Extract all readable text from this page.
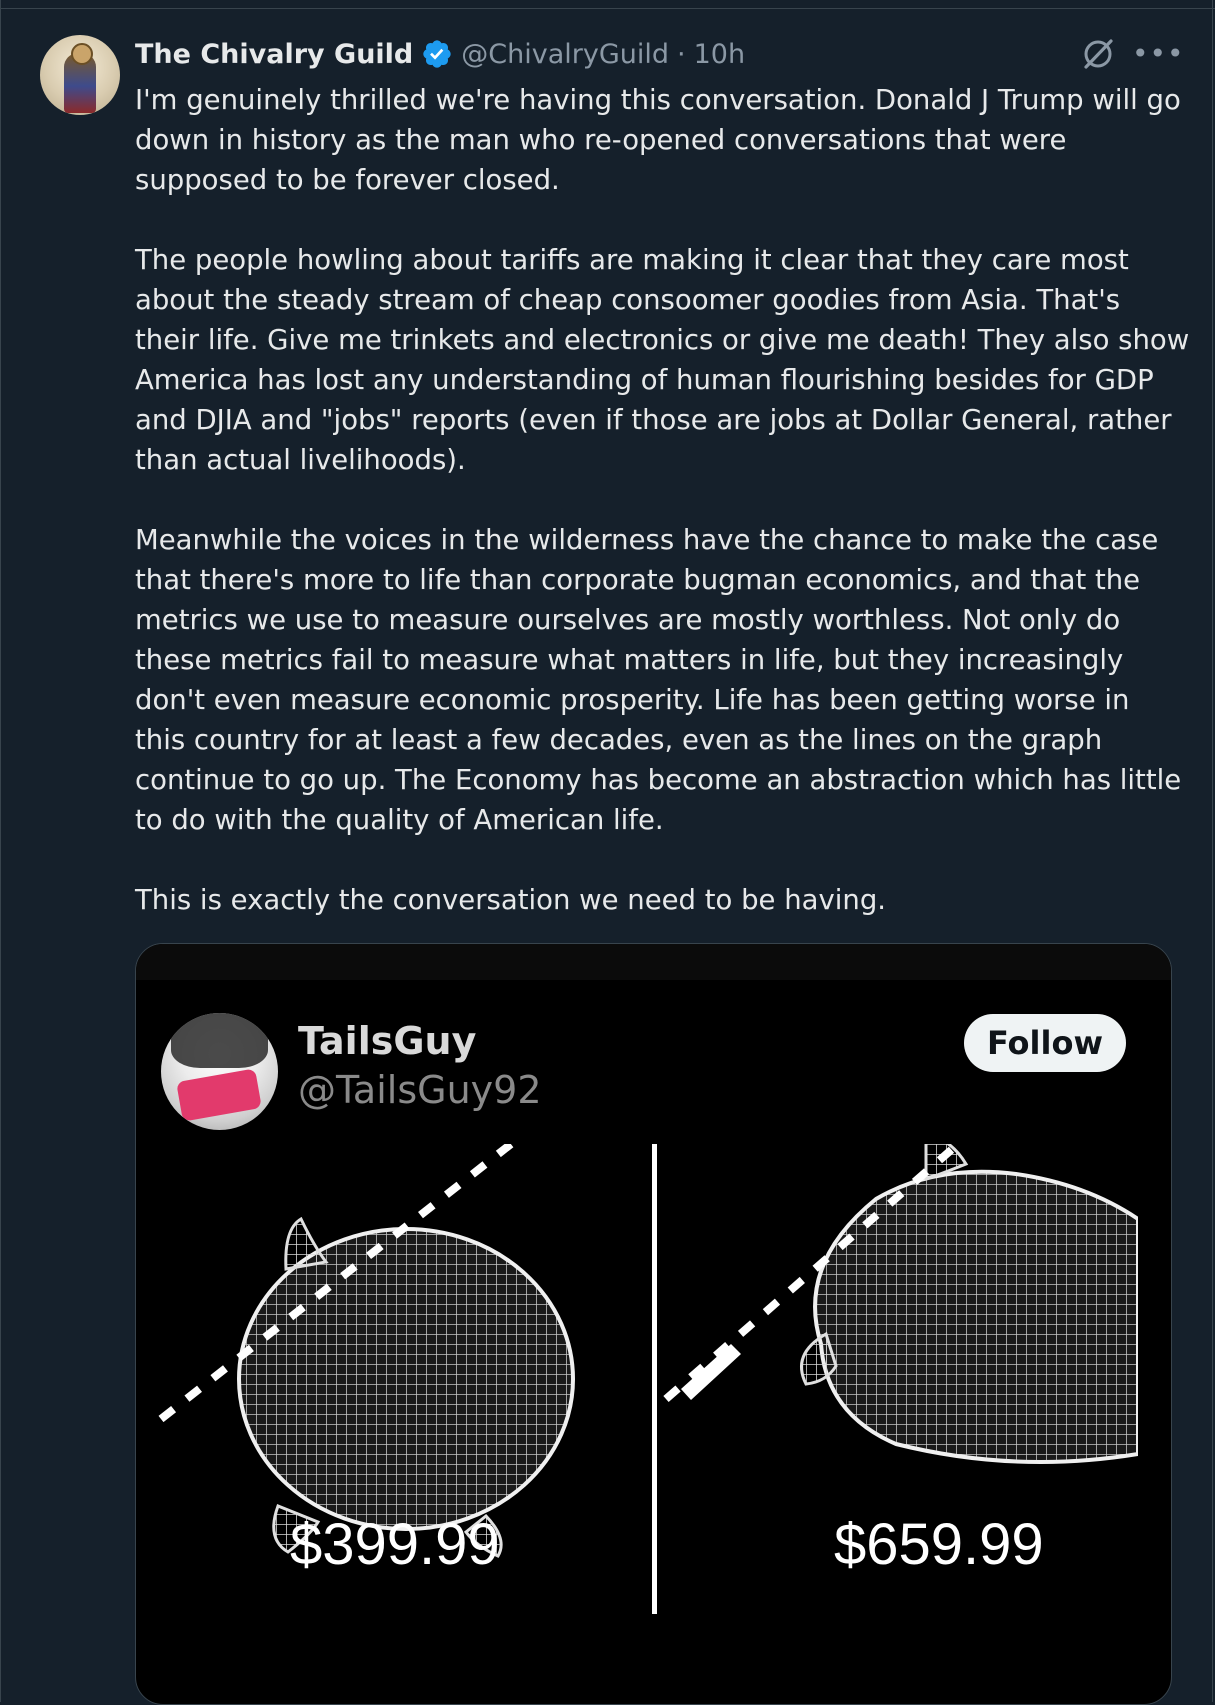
The Chivalry Guild @ChivalryGuild · 10h	•••

I'm genuinely thrilled we're having this conversation. Donald J Trump will go
down in history as the man who re-opened conversations that were
supposed to be forever closed.

The people howling about tariffs are making it clear that they care most
about the steady stream of cheap consoomer goodies from Asia. That's
their life. Give me trinkets and electronics or give me death! They also show
America has lost any understanding of human flourishing besides for GDP
and DJIA and "jobs" reports (even if those are jobs at Dollar General, rather
than actual livelihoods).

Meanwhile the voices in the wilderness have the chance to make the case
that there's more to life than corporate bugman economics, and that the
metrics we use to measure ourselves are mostly worthless. Not only do
these metrics fail to measure what matters in life, but they increasingly
don't even measure economic prosperity. Life has been getting worse in
this country for at least a few decades, even as the lines on the graph
continue to go up. The Economy has become an abstraction which has little
to do with the quality of American life.

This is exactly the conversation we need to be having.

TailsGuy
@TailsGuy92
Follow
$399.99	$659.99
